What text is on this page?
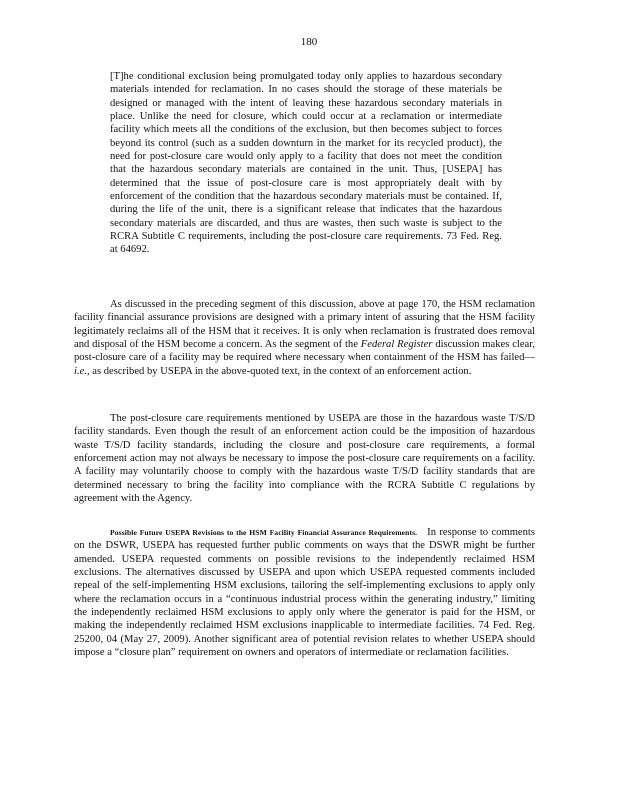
180
[T]he conditional exclusion being promulgated today only applies to hazardous secondary materials intended for reclamation. In no cases should the storage of these materials be designed or managed with the intent of leaving these hazardous secondary materials in place. Unlike the need for closure, which could occur at a reclamation or intermediate facility which meets all the conditions of the exclusion, but then becomes subject to forces beyond its control (such as a sudden downturn in the market for its recycled product), the need for post-closure care would only apply to a facility that does not meet the condition that the hazardous secondary materials are contained in the unit. Thus, [USEPA] has determined that the issue of post-closure care is most appropriately dealt with by enforcement of the condition that the hazardous secondary materials must be contained. If, during the life of the unit, there is a significant release that indicates that the hazardous secondary materials are discarded, and thus are wastes, then such waste is subject to the RCRA Subtitle C requirements, including the post-closure care requirements. 73 Fed. Reg. at 64692.
As discussed in the preceding segment of this discussion, above at page 170, the HSM reclamation facility financial assurance provisions are designed with a primary intent of assuring that the HSM facility legitimately reclaims all of the HSM that it receives. It is only when reclamation is frustrated does removal and disposal of the HSM become a concern. As the segment of the Federal Register discussion makes clear, post-closure care of a facility may be required where necessary when containment of the HSM has failed— i.e., as described by USEPA in the above-quoted text, in the context of an enforcement action.
The post-closure care requirements mentioned by USEPA are those in the hazardous waste T/S/D facility standards. Even though the result of an enforcement action could be the imposition of hazardous waste T/S/D facility standards, including the closure and post-closure care requirements, a formal enforcement action may not always be necessary to impose the post-closure care requirements on a facility. A facility may voluntarily choose to comply with the hazardous waste T/S/D facility standards that are determined necessary to bring the facility into compliance with the RCRA Subtitle C regulations by agreement with the Agency.
Possible Future USEPA Revisions to the HSM Facility Financial Assurance Requirements. In response to comments on the DSWR, USEPA has requested further public comments on ways that the DSWR might be further amended. USEPA requested comments on possible revisions to the independently reclaimed HSM exclusions. The alternatives discussed by USEPA and upon which USEPA requested comments included repeal of the self-implementing HSM exclusions, tailoring the self-implementing exclusions to apply only where the reclamation occurs in a “continuous industrial process within the generating industry,” limiting the independently reclaimed HSM exclusions to apply only where the generator is paid for the HSM, or making the independently reclaimed HSM exclusions inapplicable to intermediate facilities. 74 Fed. Reg. 25200, 04 (May 27, 2009). Another significant area of potential revision relates to whether USEPA should impose a “closure plan” requirement on owners and operators of intermediate or reclamation facilities.
